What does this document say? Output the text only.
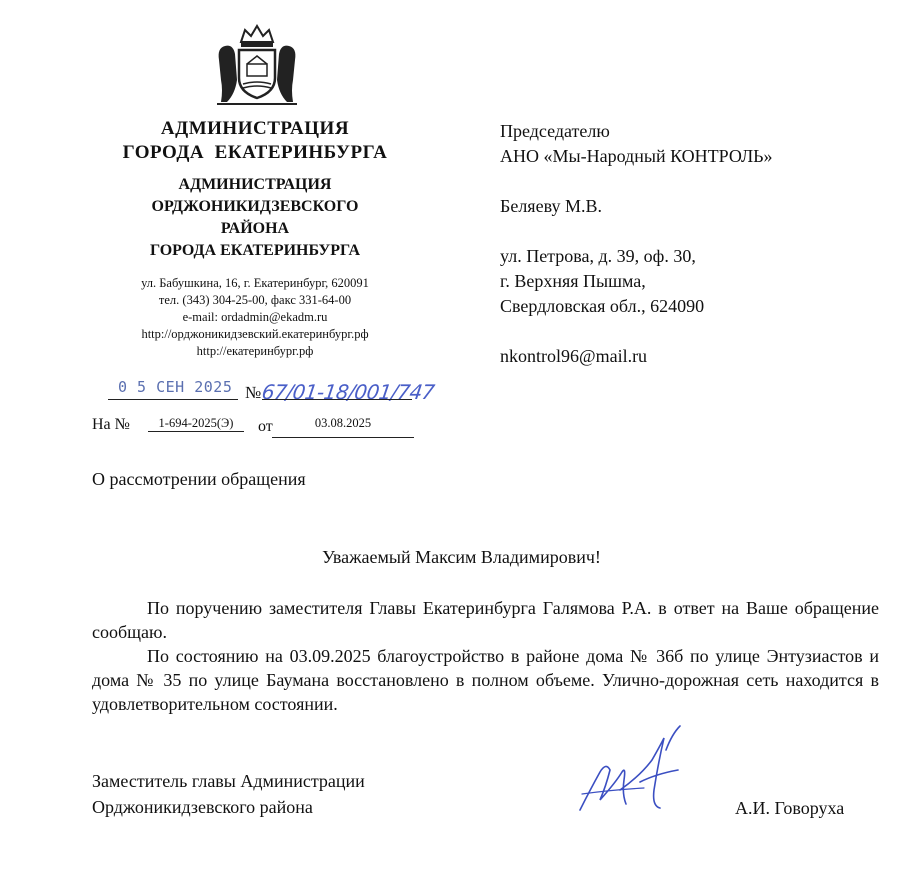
АДМИНИСТРАЦИЯ
ГОРОДА  ЕКАТЕРИНБУРГА
АДМИНИСТРАЦИЯ
ОРДЖОНИКИДЗЕВСКОГО
РАЙОНА
ГОРОДА ЕКАТЕРИНБУРГА
ул. Бабушкина, 16, г. Екатеринбург, 620091
тел. (343) 304-25-00, факс 331-64-00
e-mail: ordadmin@ekadm.ru
http://орджоникидзевский.екатеринбург.рф
http://екатеринбург.рф
Председателю
АНО «Мы-Народный КОНТРОЛЬ»
Беляеву М.В.
ул. Петрова, д. 39, оф. 30,
г. Верхняя Пышма,
Свердловская обл., 624090
nkontrol96@mail.ru
0 5 СЕН 2025 № 67/01-18/001/747
На №	1-694-2025(Э)	от	03.08.2025
О рассмотрении обращения
Уважаемый Максим Владимирович!

По поручению заместителя Главы Екатеринбурга Галямова Р.А. в ответ на Ваше обращение сообщаю.

По состоянию на 03.09.2025 благоустройство в районе дома № 36б по улице Энтузиастов и дома № 35 по улице Баумана восстановлено в полном объеме. Улично-дорожная сеть находится в удовлетворительном состоянии.

Заместитель главы Администрации
Орджоникидзевского района	А.И. Говоруха
